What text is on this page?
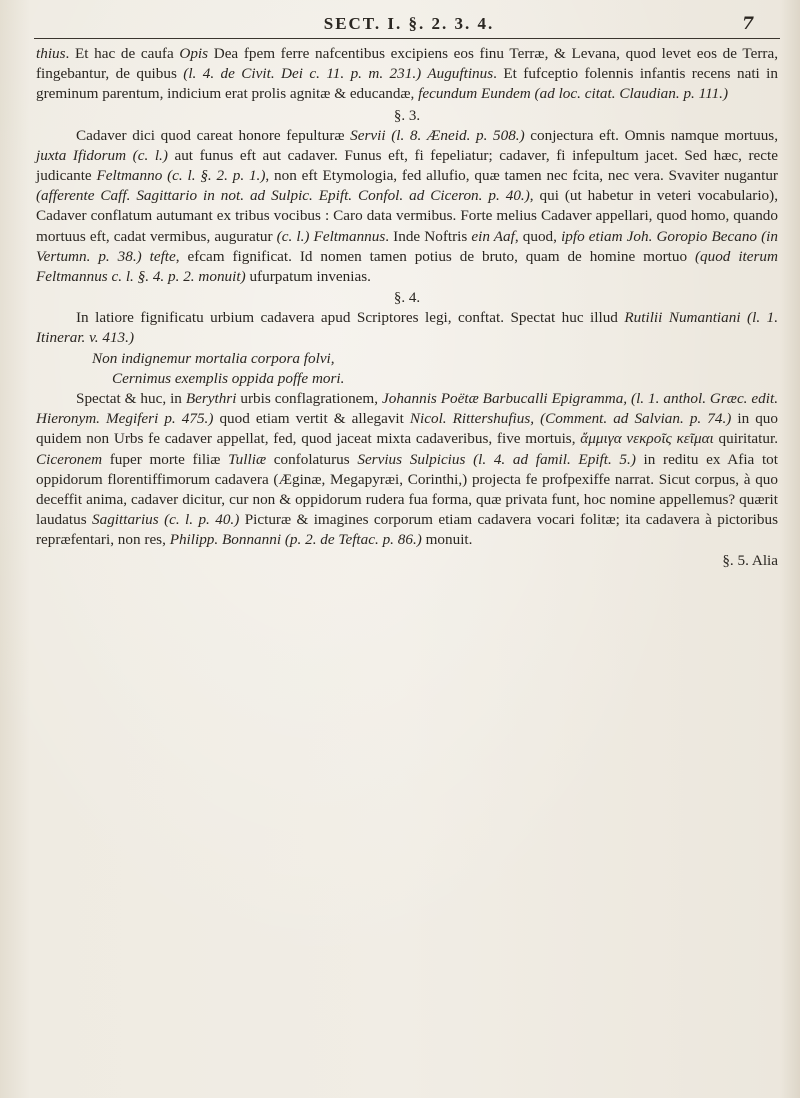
SECT. I. §. 2. 3. 4.	7

thius. Et hac de caufa Opis Dea fpem ferre nafcentibus excipiens eos finu Terræ, & Levana, quod levet eos de Terra, fingebantur, de quibus (l. 4. de Civit. Dei c. 11. p. m. 231.) Auguftinus. Et fufceptio folennis infantis recens nati in greminum parentum, indicium erat prolis agnitæ & educandæ, fecundum Eundem (ad loc. citat. Claudian. p. 111.)

§. 3.

Cadaver dici quod careat honore fepulturæ Servii (l. 8. Æneid. p. 508.) conjectura eft. Omnis namque mortuus, juxta Ifidorum (c. l.) aut funus eft aut cadaver. Funus eft, fi fepeliatur; cadaver, fi infepultum jacet. Sed hæc, recte judicante Feltmanno (c. l. §. 2. p. 1.), non eft Etymologia, fed allufio, quæ tamen nec fcita, nec vera. Svaviter nugantur (afferente Caff. Sagittario in not. ad Sulpic. Epift. Confol. ad Ciceron. p. 40.), qui (ut habetur in veteri vocabulario), Cadaver conflatum autumant ex tribus vocibus : Caro data vermibus. Forte melius Cadaver appellari, quod homo, quando mortuus eft, cadat vermibus, auguratur (c. l.) Feltmannus. Inde Noftris ein Aaf, quod, ipfo etiam Joh. Goropio Becano (in Vertumn. p. 38.) tefte, efcam fignificat. Id nomen tamen potius de bruto, quam de homine mortuo (quod iterum Feltmannus c. l. §. 4. p. 2. monuit) ufurpatum invenias.

§. 4.

In latiore fignificatu urbium cadavera apud Scriptores legi, conftat. Spectat huc illud Rutilii Numantiani (l. 1. Itinerar. v. 413.)

Non indignemur mortalia corpora folvi,

Cernimus exemplis oppida poffe mori.

Spectat & huc, in Berythri urbis conflagrationem, Johannis Poëtæ Barbucalli Epigramma, (l. 1. anthol. Græc. edit. Hieronym. Megiferi p. 475.) quod etiam vertit & allegavit Nicol. Rittershufius, (Comment. ad Salvian. p. 74.) in quo quidem non Urbs fe cadaver appellat, fed, quod jaceat mixta cadaveribus, five mortuis, ἄμμιγα νεκροῖς κεῖμαι quiritatur. Ciceronem fuper morte filiæ Tulliæ confolaturus Servius Sulpicius (l. 4. ad famil. Epift. 5.) in reditu ex Afia tot oppidorum florentiffimorum cadavera (Æginæ, Megapyræi, Corinthi,) projecta fe profpexiffe narrat. Sicut corpus, à quo deceffit anima, cadaver dicitur, cur non & oppidorum rudera fua forma, quæ privata funt, hoc nomine appellemus? quærit laudatus Sagittarius (c. l. p. 40.) Picturæ & imagines corporum etiam cadavera vocari folitæ; ita cadavera à pictoribus repræfentari, non res, Philipp. Bonnanni (p. 2. de Teftac. p. 86.) monuit.

§. 5. Alia
